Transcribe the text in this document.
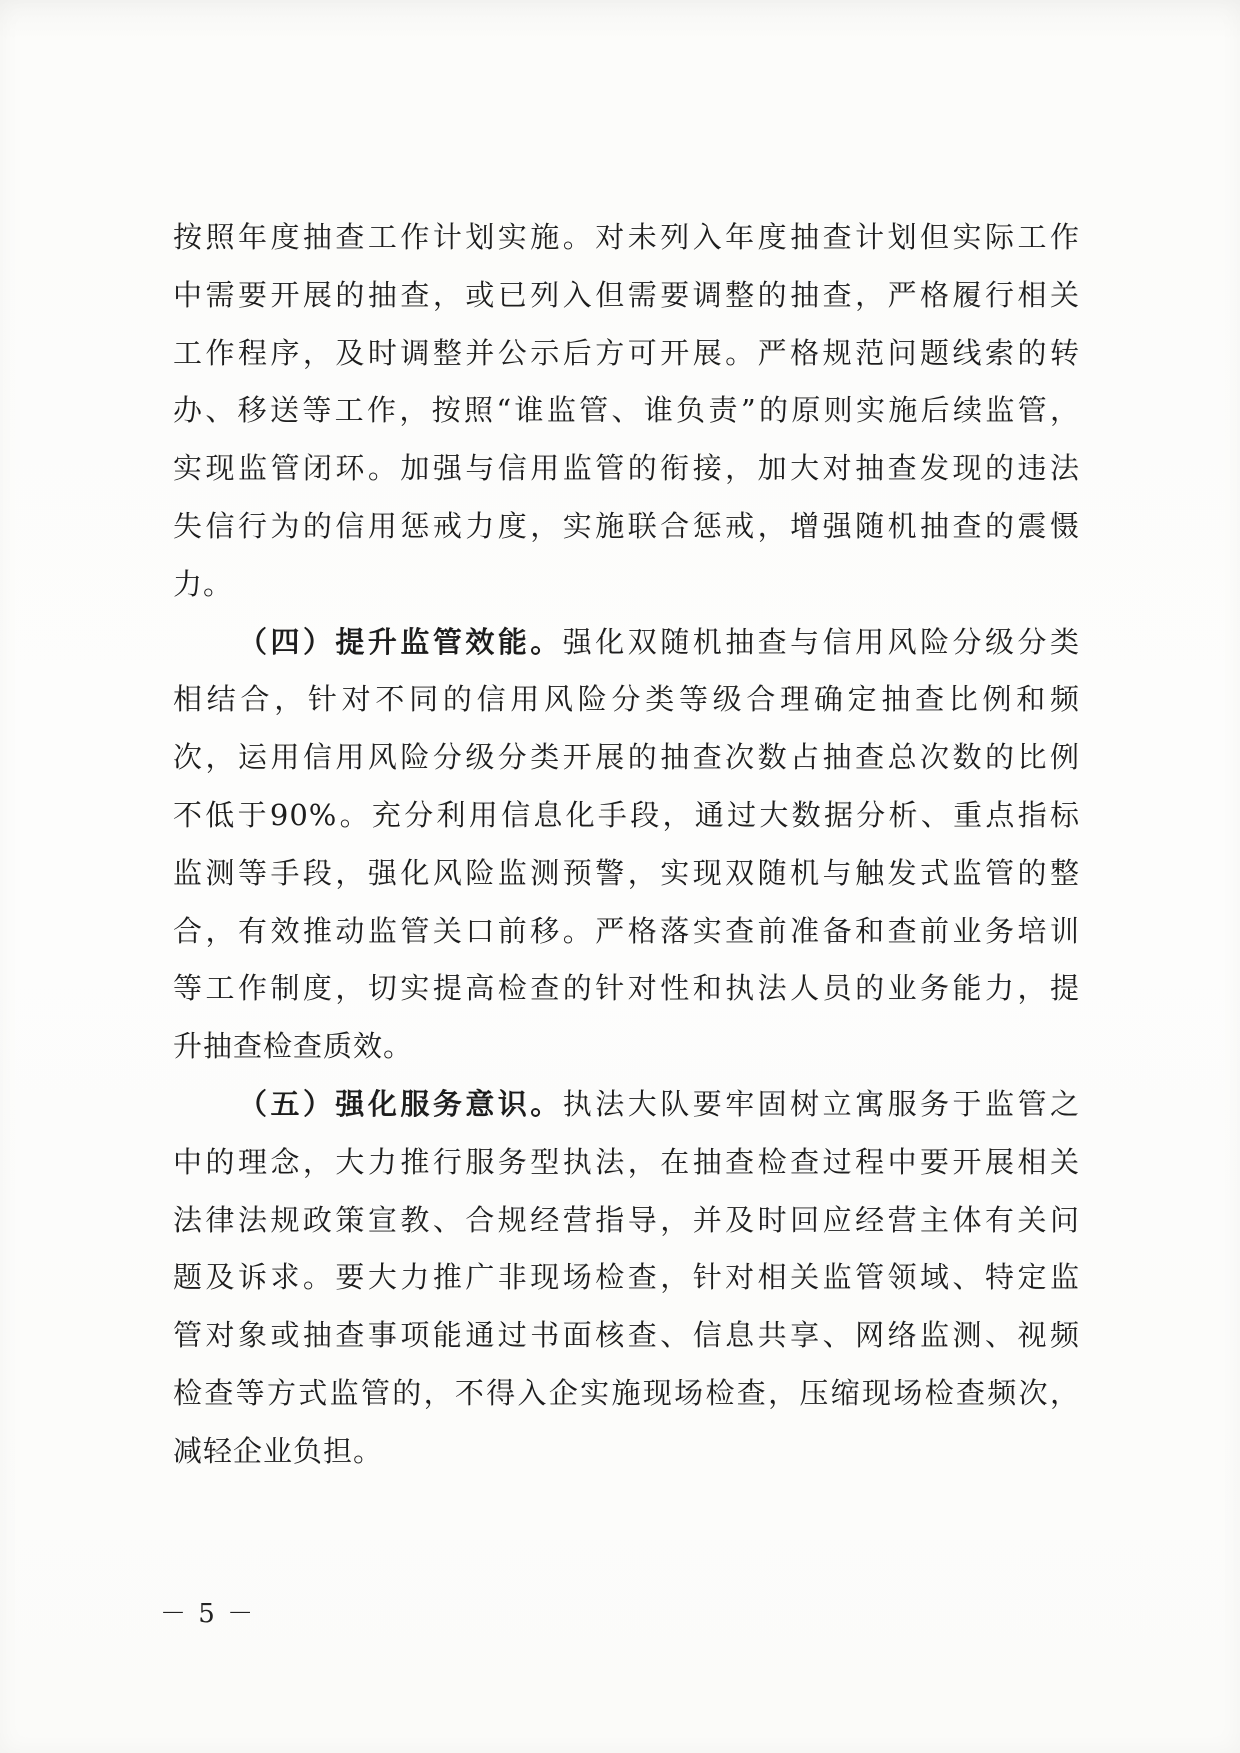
按照年度抽查工作计划实施。对未列入年度抽查计划但实际工作
中需要开展的抽查，或已列入但需要调整的抽查，严格履行相关
工作程序，及时调整并公示后方可开展。严格规范问题线索的转
办、移送等工作，按照“谁监管、谁负责”的原则实施后续监管，
实现监管闭环。加强与信用监管的衔接，加大对抽查发现的违法
失信行为的信用惩戒力度，实施联合惩戒，增强随机抽查的震慑
力。
（四）提升监管效能。强化双随机抽查与信用风险分级分类
相结合，针对不同的信用风险分类等级合理确定抽查比例和频
次，运用信用风险分级分类开展的抽查次数占抽查总次数的比例
不低于90%。充分利用信息化手段，通过大数据分析、重点指标
监测等手段，强化风险监测预警，实现双随机与触发式监管的整
合，有效推动监管关口前移。严格落实查前准备和查前业务培训
等工作制度，切实提高检查的针对性和执法人员的业务能力，提
升抽查检查质效。
（五）强化服务意识。执法大队要牢固树立寓服务于监管之
中的理念，大力推行服务型执法，在抽查检查过程中要开展相关
法律法规政策宣教、合规经营指导，并及时回应经营主体有关问
题及诉求。要大力推广非现场检查，针对相关监管领域、特定监
管对象或抽查事项能通过书面核查、信息共享、网络监测、视频
检查等方式监管的，不得入企实施现场检查，压缩现场检查频次，
减轻企业负担。
－ 5 －
